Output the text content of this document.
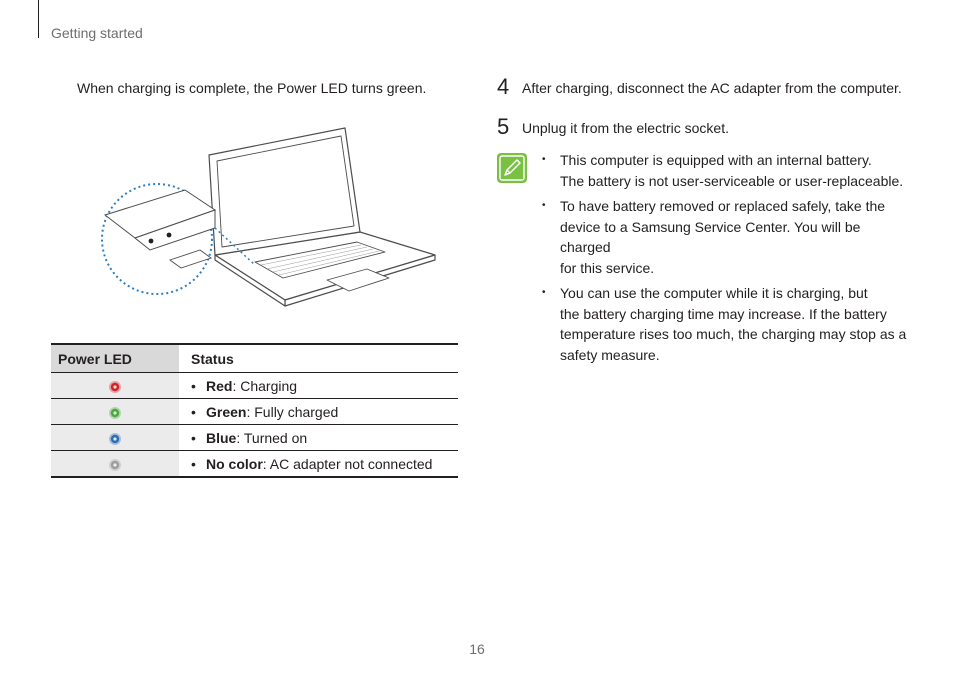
Getting started
When charging is complete, the Power LED turns green.
Power LED	Status
	• Red: Charging
	• Green: Fully charged
	• Blue: Turned on
	• No color: AC adapter not connected
4 After charging, disconnect the AC adapter from the computer.
5 Unplug it from the electric socket.
• This computer is equipped with an internal battery.
The battery is not user-serviceable or user-replaceable.
• To have battery removed or replaced safely, take the
device to a Samsung Service Center. You will be charged
for this service.
• You can use the computer while it is charging, but
the battery charging time may increase. If the battery
temperature rises too much, the charging may stop as a
safety measure.
16
